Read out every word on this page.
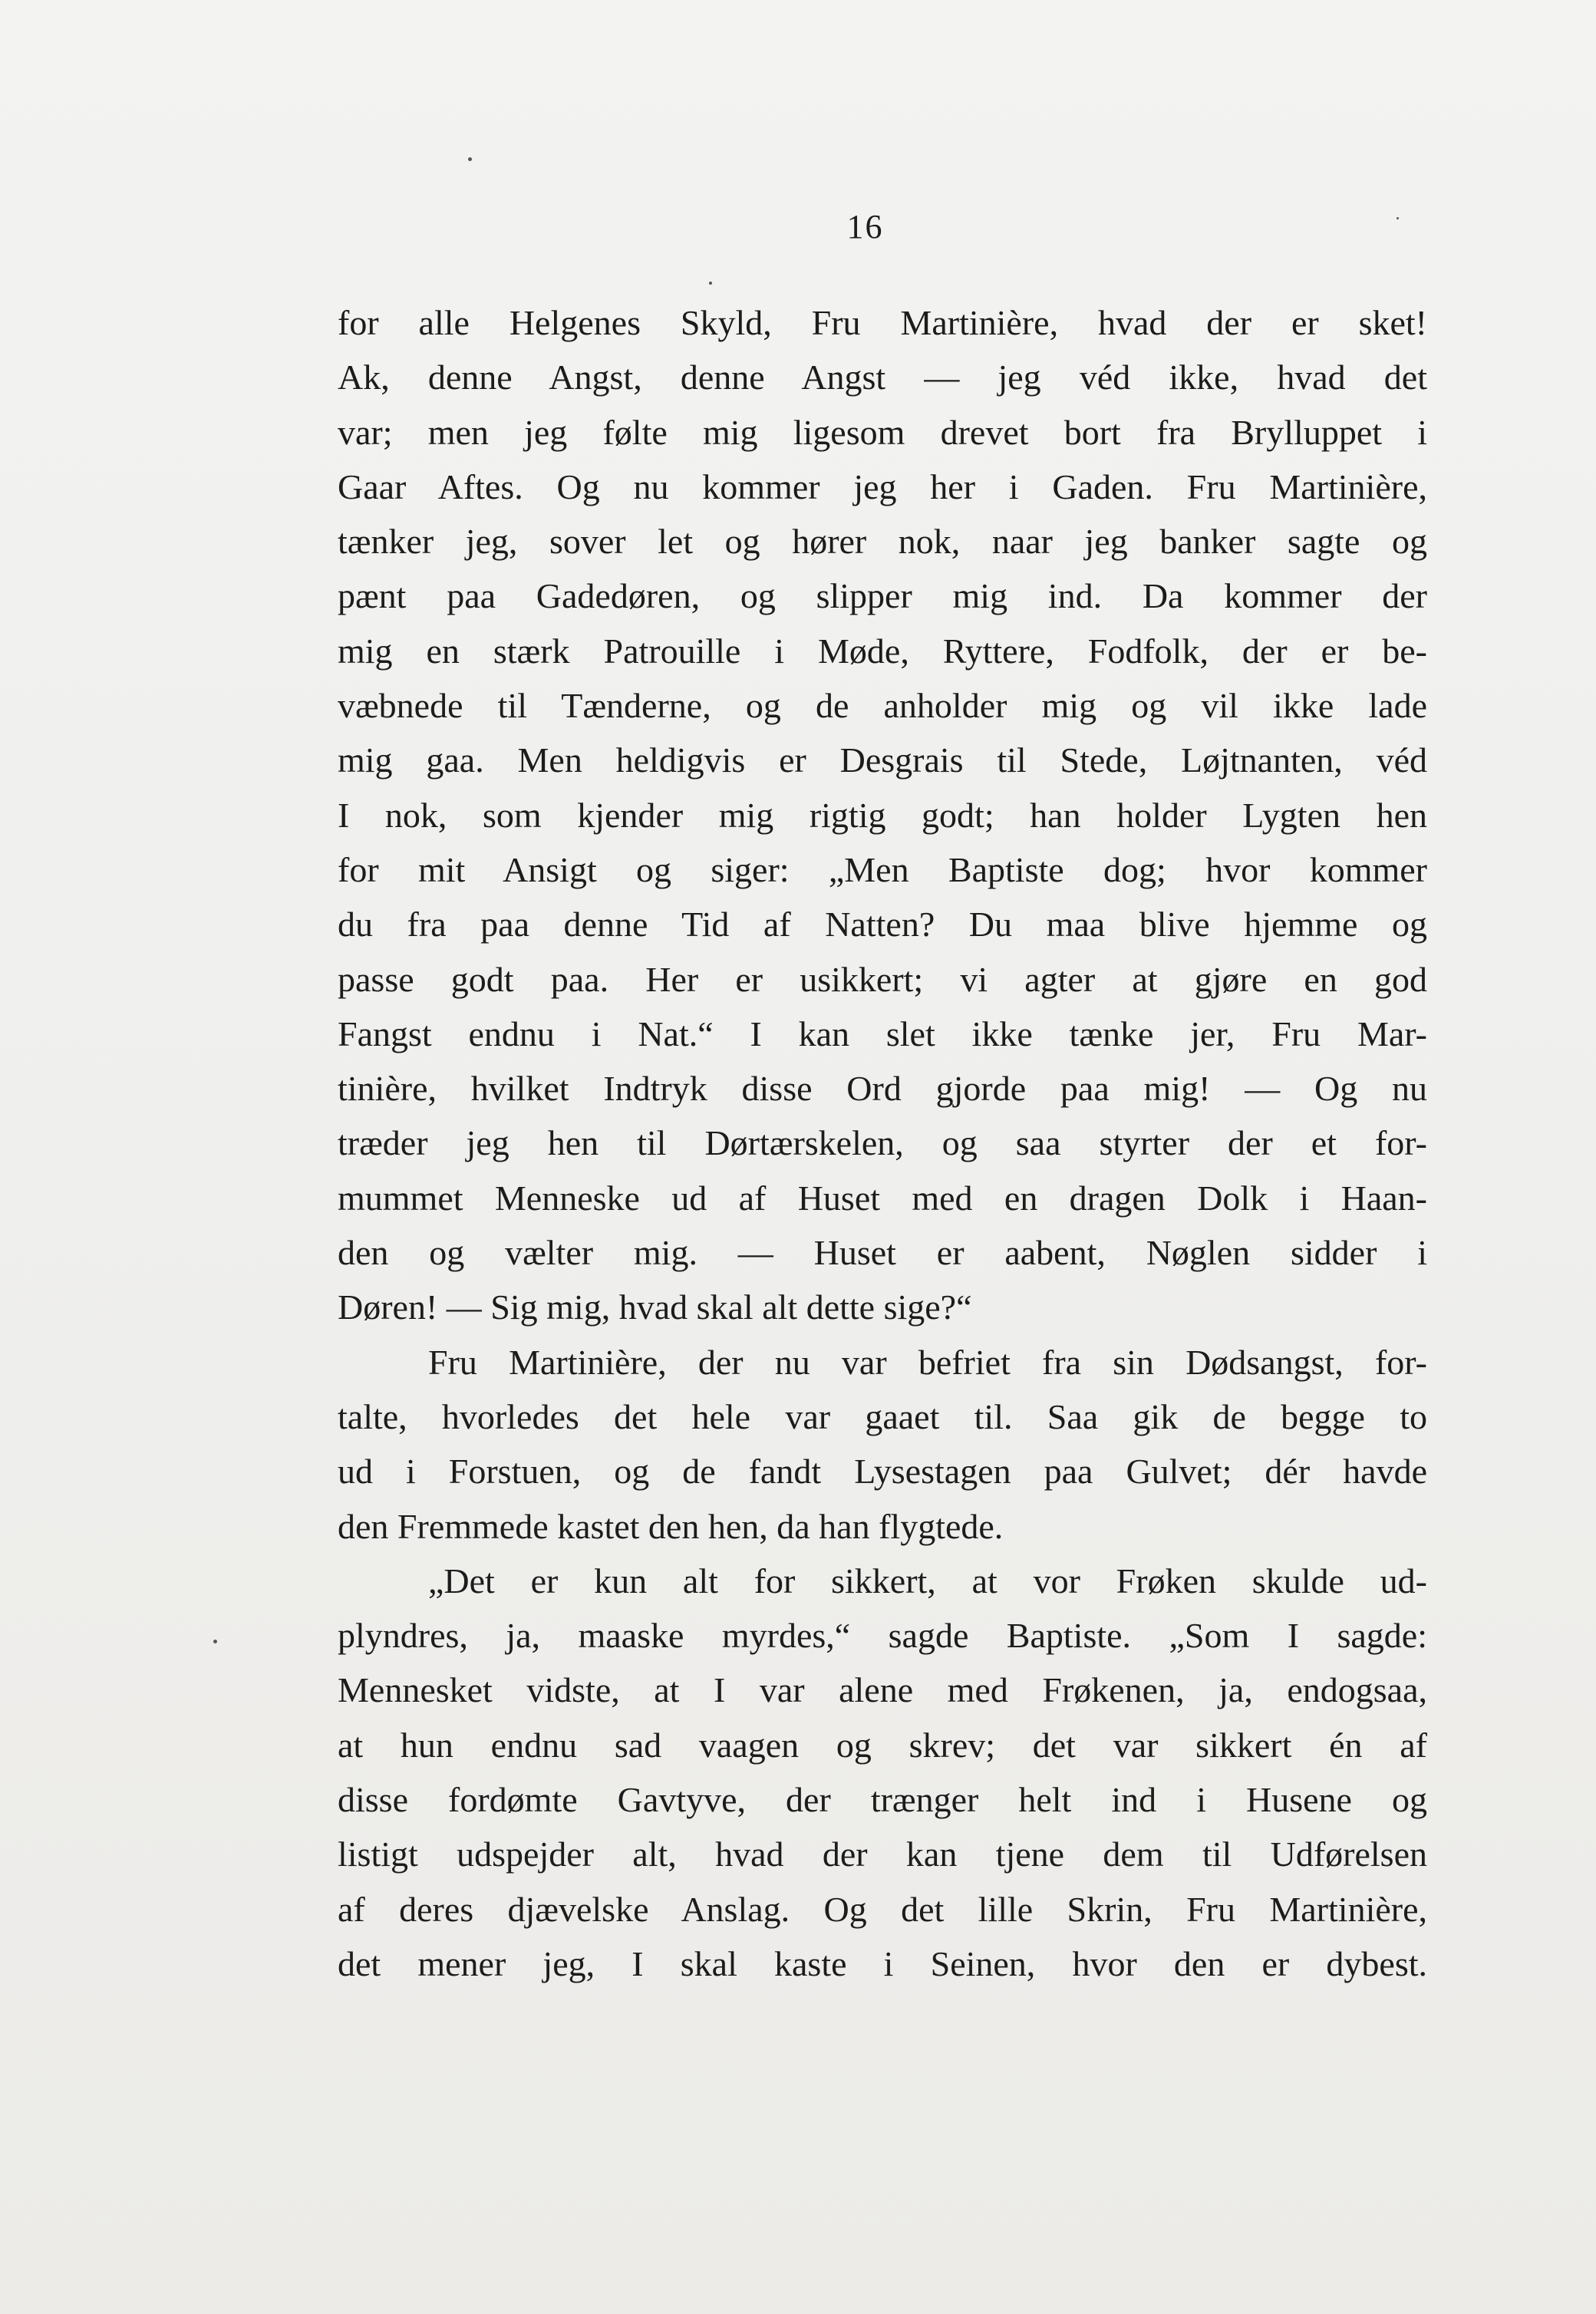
16
for alle Helgenes Skyld, Fru Martinière, hvad der er sket!
Ak, denne Angst, denne Angst — jeg véd ikke, hvad det
var; men jeg følte mig ligesom drevet bort fra Brylluppet i
Gaar Aftes. Og nu kommer jeg her i Gaden. Fru Martinière,
tænker jeg, sover let og hører nok, naar jeg banker sagte og
pænt paa Gadedøren, og slipper mig ind. Da kommer der
mig en stærk Patrouille i Møde, Ryttere, Fodfolk, der er be-
væbnede til Tænderne, og de anholder mig og vil ikke lade
mig gaa. Men heldigvis er Desgrais til Stede, Løjtnanten, véd
I nok, som kjender mig rigtig godt; han holder Lygten hen
for mit Ansigt og siger: „Men Baptiste dog; hvor kommer
du fra paa denne Tid af Natten? Du maa blive hjemme og
passe godt paa. Her er usikkert; vi agter at gjøre en god
Fangst endnu i Nat.“ I kan slet ikke tænke jer, Fru Mar-
tinière, hvilket Indtryk disse Ord gjorde paa mig! — Og nu
træder jeg hen til Dørtærskelen, og saa styrter der et for-
mummet Menneske ud af Huset med en dragen Dolk i Haan-
den og vælter mig. — Huset er aabent, Nøglen sidder i
Døren! — Sig mig, hvad skal alt dette sige?“
Fru Martinière, der nu var befriet fra sin Dødsangst, for-
talte, hvorledes det hele var gaaet til. Saa gik de begge to
ud i Forstuen, og de fandt Lysestagen paa Gulvet; dér havde
den Fremmede kastet den hen, da han flygtede.
„Det er kun alt for sikkert, at vor Frøken skulde ud-
plyndres, ja, maaske myrdes,“ sagde Baptiste. „Som I sagde:
Mennesket vidste, at I var alene med Frøkenen, ja, endogsaa,
at hun endnu sad vaagen og skrev; det var sikkert én af
disse fordømte Gavtyve, der trænger helt ind i Husene og
listigt udspejder alt, hvad der kan tjene dem til Udførelsen
af deres djævelske Anslag. Og det lille Skrin, Fru Martinière,
det mener jeg, I skal kaste i Seinen, hvor den er dybest.
